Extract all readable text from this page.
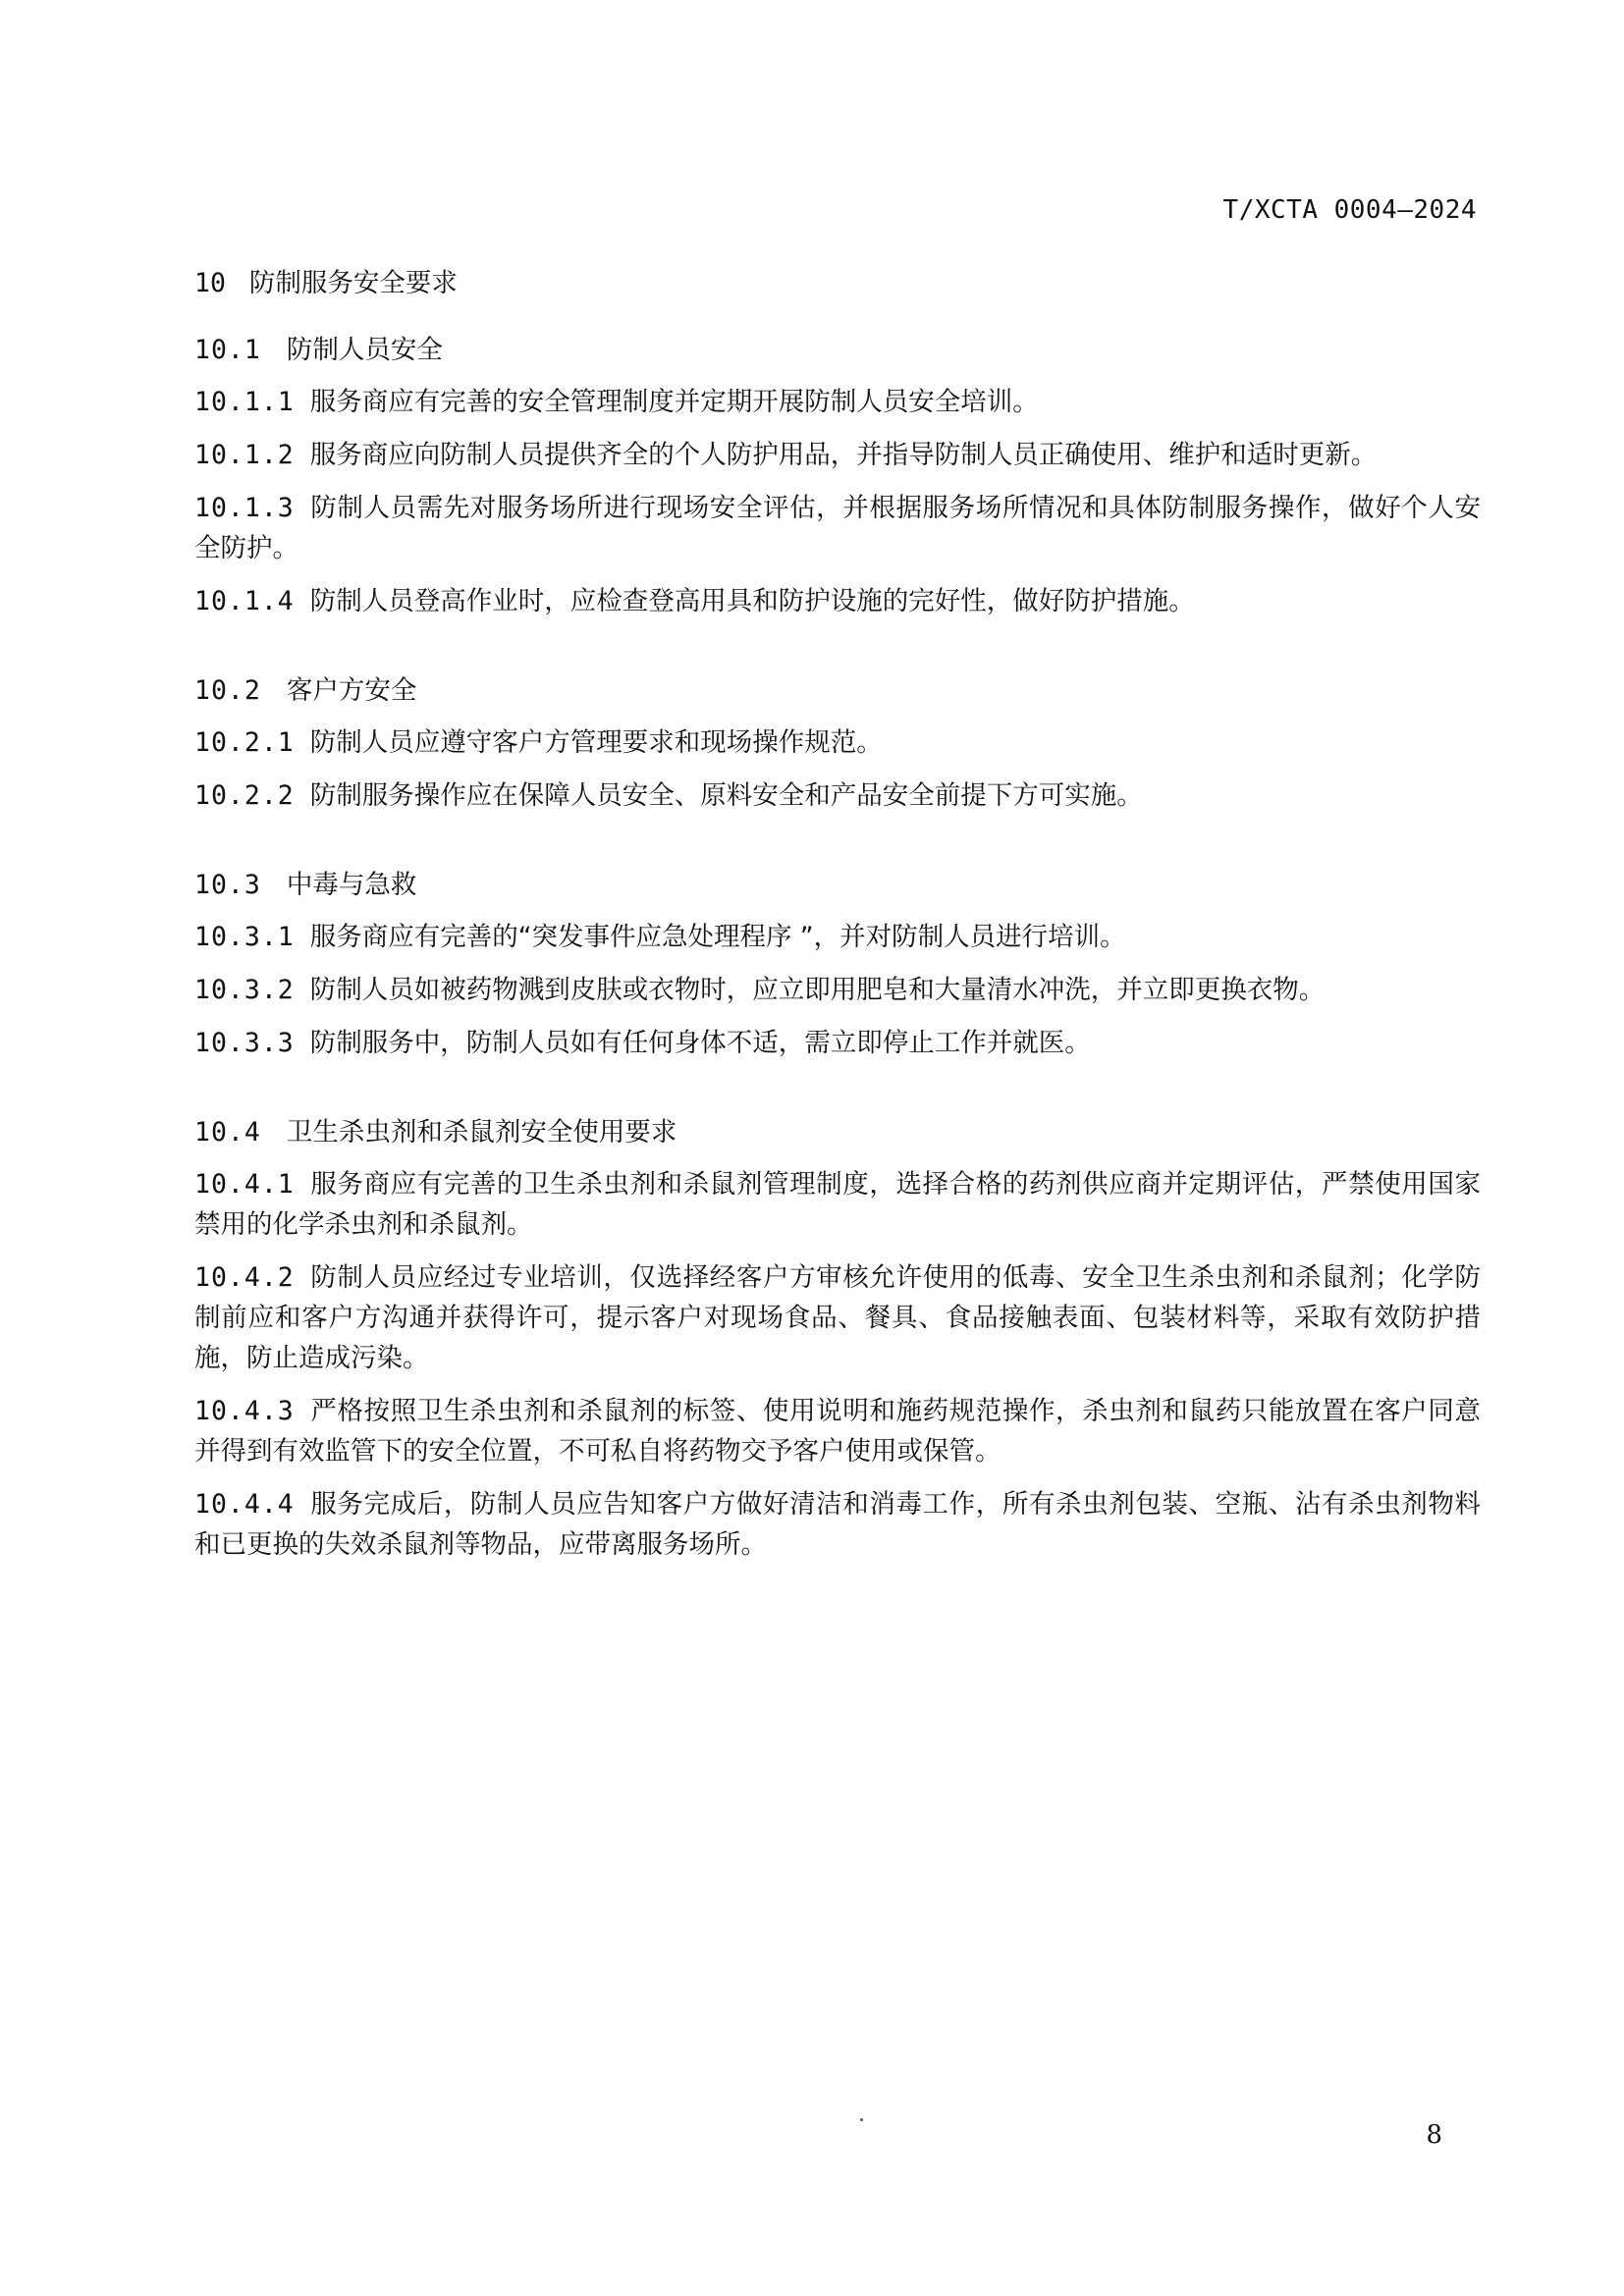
T/XCTA 0004—2024

10 防制服务安全要求

10.1 防制人员安全

10.1.1 服务商应有完善的安全管理制度并定期开展防制人员安全培训。

10.1.2 服务商应向防制人员提供齐全的个人防护用品，并指导防制人员正确使用、维护和适时更新。

10.1.3 防制人员需先对服务场所进行现场安全评估，并根据服务场所情况和具体防制服务操作，做好个人安全防护。

10.1.4 防制人员登高作业时，应检查登高用具和防护设施的完好性，做好防护措施。

10.2 客户方安全

10.2.1 防制人员应遵守客户方管理要求和现场操作规范。

10.2.2 防制服务操作应在保障人员安全、原料安全和产品安全前提下方可实施。

10.3 中毒与急救

10.3.1 服务商应有完善的“突发事件应急处理程序 ”，并对防制人员进行培训。

10.3.2 防制人员如被药物溅到皮肤或衣物时，应立即用肥皂和大量清水冲洗，并立即更换衣物。

10.3.3 防制服务中，防制人员如有任何身体不适，需立即停止工作并就医。

10.4 卫生杀虫剂和杀鼠剂安全使用要求

10.4.1 服务商应有完善的卫生杀虫剂和杀鼠剂管理制度，选择合格的药剂供应商并定期评估，严禁使用国家禁用的化学杀虫剂和杀鼠剂。

10.4.2 防制人员应经过专业培训，仅选择经客户方审核允许使用的低毒、安全卫生杀虫剂和杀鼠剂；化学防制前应和客户方沟通并获得许可，提示客户对现场食品、餐具、食品接触表面、包装材料等，采取有效防护措施，防止造成污染。

10.4.3 严格按照卫生杀虫剂和杀鼠剂的标签、使用说明和施药规范操作，杀虫剂和鼠药只能放置在客户同意并得到有效监管下的安全位置，不可私自将药物交予客户使用或保管。

10.4.4 服务完成后，防制人员应告知客户方做好清洁和消毒工作，所有杀虫剂包装、空瓶、沾有杀虫剂物料和已更换的失效杀鼠剂等物品，应带离服务场所。

8
